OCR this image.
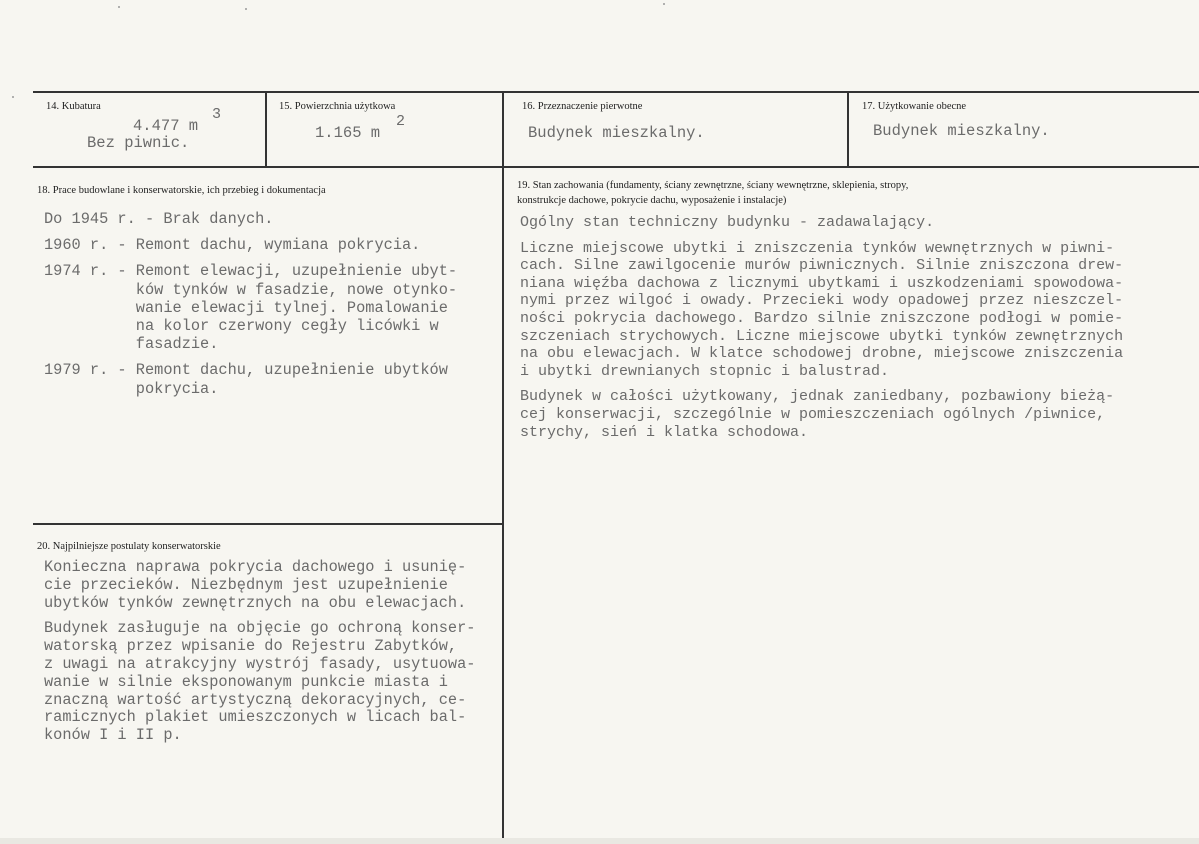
14. Kubatura
4.477 m
3
Bez piwnic.
15. Powierzchnia użytkowa
1.165 m
2
16. Przeznaczenie pierwotne
Budynek mieszkalny.
17. Użytkowanie obecne
Budynek mieszkalny.
18. Prace budowlane i konserwatorskie, ich przebieg i dokumentacja
Do 1945 r. - Brak danych.
1960 r. - Remont dachu, wymiana pokrycia.
1974 r. - Remont elewacji, uzupełnienie ubyt-
ków tynków w fasadzie, nowe otynko-
wanie elewacji tylnej. Pomalowanie
na kolor czerwony cegły licówki w
fasadzie.
1979 r. - Remont dachu, uzupełnienie ubytków
pokrycia.
19. Stan zachowania (fundamenty, ściany zewnętrzne, ściany wewnętrzne, sklepienia, stropy,
konstrukcje dachowe, pokrycie dachu, wyposażenie i instalacje)
Ogólny stan techniczny budynku - zadawalający.
Liczne miejscowe ubytki i zniszczenia tynków wewnętrznych w piwni-
cach. Silne zawilgocenie murów piwnicznych. Silnie zniszczona drew-
niana więźba dachowa z licznymi ubytkami i uszkodzeniami spowodowa-
nymi przez wilgoć i owady. Przecieki wody opadowej przez nieszczel-
ności pokrycia dachowego. Bardzo silnie zniszczone podłogi w pomie-
szczeniach strychowych. Liczne miejscowe ubytki tynków zewnętrznych
na obu elewacjach. W klatce schodowej drobne, miejscowe zniszczenia
i ubytki drewnianych stopnic i balustrad.
Budynek w całości użytkowany, jednak zaniedbany, pozbawiony bieżą-
cej konserwacji, szczególnie w pomieszczeniach ogólnych /piwnice,
strychy, sień i klatka schodowa.
20. Najpilniejsze postulaty konserwatorskie
Konieczna naprawa pokrycia dachowego i usunię-
cie przecieków. Niezbędnym jest uzupełnienie
ubytków tynków zewnętrznych na obu elewacjach.
Budynek zasługuje na objęcie go ochroną konser-
watorską przez wpisanie do Rejestru Zabytków,
z uwagi na atrakcyjny wystrój fasady, usytuowa-
wanie w silnie eksponowanym punkcie miasta i
znaczną wartość artystyczną dekoracyjnych, ce-
ramicznych plakiet umieszczonych w licach bal-
konów I i II p.
